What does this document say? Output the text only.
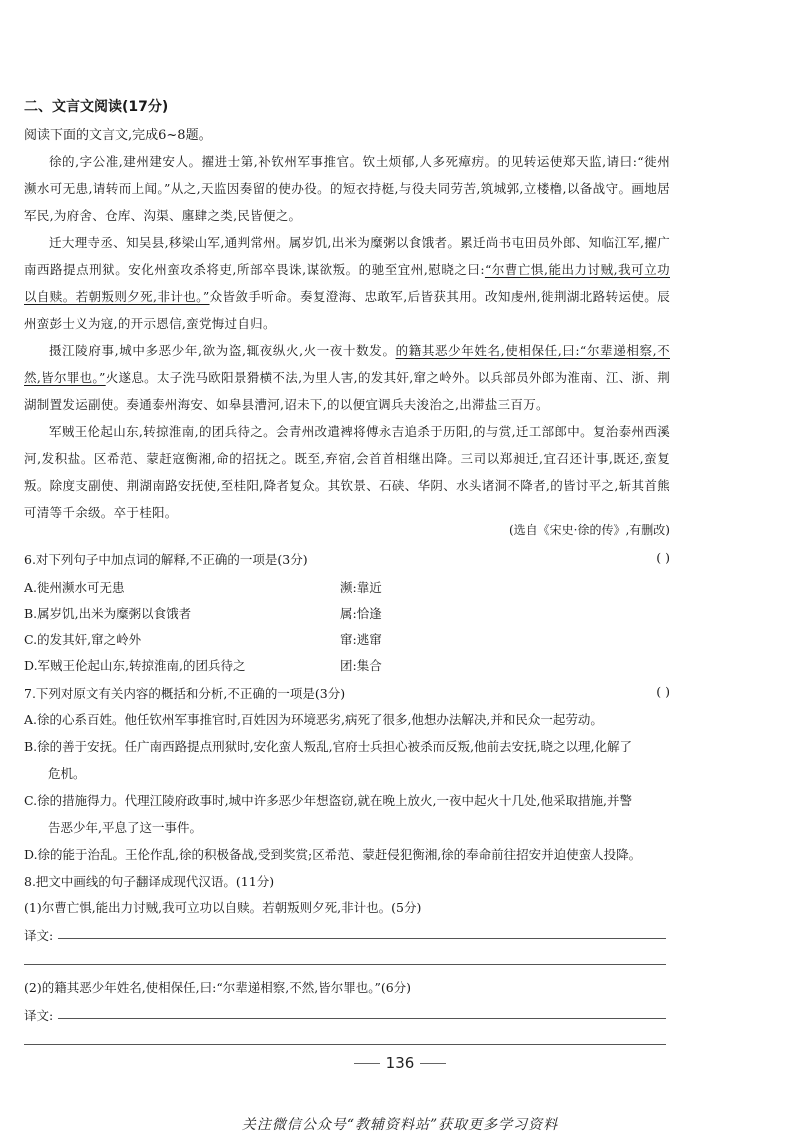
二、文言文阅读(17分)
阅读下面的文言文,完成6~8题。

徐的,字公准,建州建安人。擢进士第,补钦州军事推官。钦土烦郁,人多死瘴疠。的见转运使郑天监,请曰:“徙州濒水可无患,请转而上闻。”从之,天监因奏留的使办役。的短衣持梃,与役夫同劳苦,筑城郭,立楼橹,以备战守。画地居军民,为府舍、仓库、沟渠、廛肆之类,民皆便之。

迁大理寺丞、知吴县,移梁山军,通判常州。属岁饥,出米为糜粥以食饿者。累迁尚书屯田员外郎、知临江军,擢广南西路提点刑狱。安化州蛮攻杀将吏,所部卒畏诛,谋欲叛。的驰至宜州,慰晓之曰:“尔曹亡惧,能出力讨贼,我可立功以自赎。若朝叛则夕死,非计也。”众皆敛手听命。奏复澄海、忠敢军,后皆获其用。改知虔州,徙荆湖北路转运使。辰州蛮彭士义为寇,的开示恩信,蛮党悔过自归。

摄江陵府事,城中多恶少年,欲为盗,辄夜纵火,火一夜十数发。的籍其恶少年姓名,使相保任,曰:“尔辈递相察,不然,皆尔罪也。”火遂息。太子洗马欧阳景猾横不法,为里人害,的发其奸,窜之岭外。以兵部员外郎为淮南、江、浙、荆湖制置发运副使。奏通泰州海安、如皋县漕河,诏未下,的以便宜调兵夫浚治之,出滞盐三百万。

军贼王伦起山东,转掠淮南,的团兵待之。会青州改遣裨将傅永吉追杀于历阳,的与赏,迁工部郎中。复治泰州西溪河,发积盐。区希范、蒙赶寇衡湘,命的招抚之。既至,弃宿,会首首相继出降。三司以郑昶迁,宜召还计事,既还,蛮复叛。除度支副使、荆湖南路安抚使,至桂阳,降者复众。其钦景、石硖、华阴、水头诸洞不降者,的皆讨平之,斩其首熊可清等千余级。卒于桂阳。

(选自《宋史·徐的传》,有删改)
6.对下列句子中加点词的解释,不正确的一项是(3分)	( )
A.徙州濒水可无患	濒:靠近
B.属岁饥,出米为糜粥以食饿者	属:恰逢
C.的发其奸,窜之岭外	窜:逃窜
D.军贼王伦起山东,转掠淮南,的团兵待之	团:集合
7.下列对原文有关内容的概括和分析,不正确的一项是(3分)	( )
A.徐的心系百姓。他任钦州军事推官时,百姓因为环境恶劣,病死了很多,他想办法解决,并和民众一起劳动。
B.徐的善于安抚。任广南西路提点刑狱时,安化蛮人叛乱,官府士兵担心被杀而反叛,他前去安抚,晓之以理,化解了
危机。
C.徐的措施得力。代理江陵府政事时,城中许多恶少年想盗窃,就在晚上放火,一夜中起火十几处,他采取措施,并警
告恶少年,平息了这一事件。
D.徐的能于治乱。王伦作乱,徐的积极备战,受到奖赏;区希范、蒙赶侵犯衡湘,徐的奉命前往招安并迫使蛮人投降。
8.把文中画线的句子翻译成现代汉语。(11分)
(1)尔曹亡惧,能出力讨贼,我可立功以自赎。若朝叛则夕死,非计也。(5分)
译文:
(2)的籍其恶少年姓名,使相保任,曰:“尔辈递相察,不然,皆尔罪也。”(6分)
译文:
136
关注微信公众号“教辅资料站”获取更多学习资料
